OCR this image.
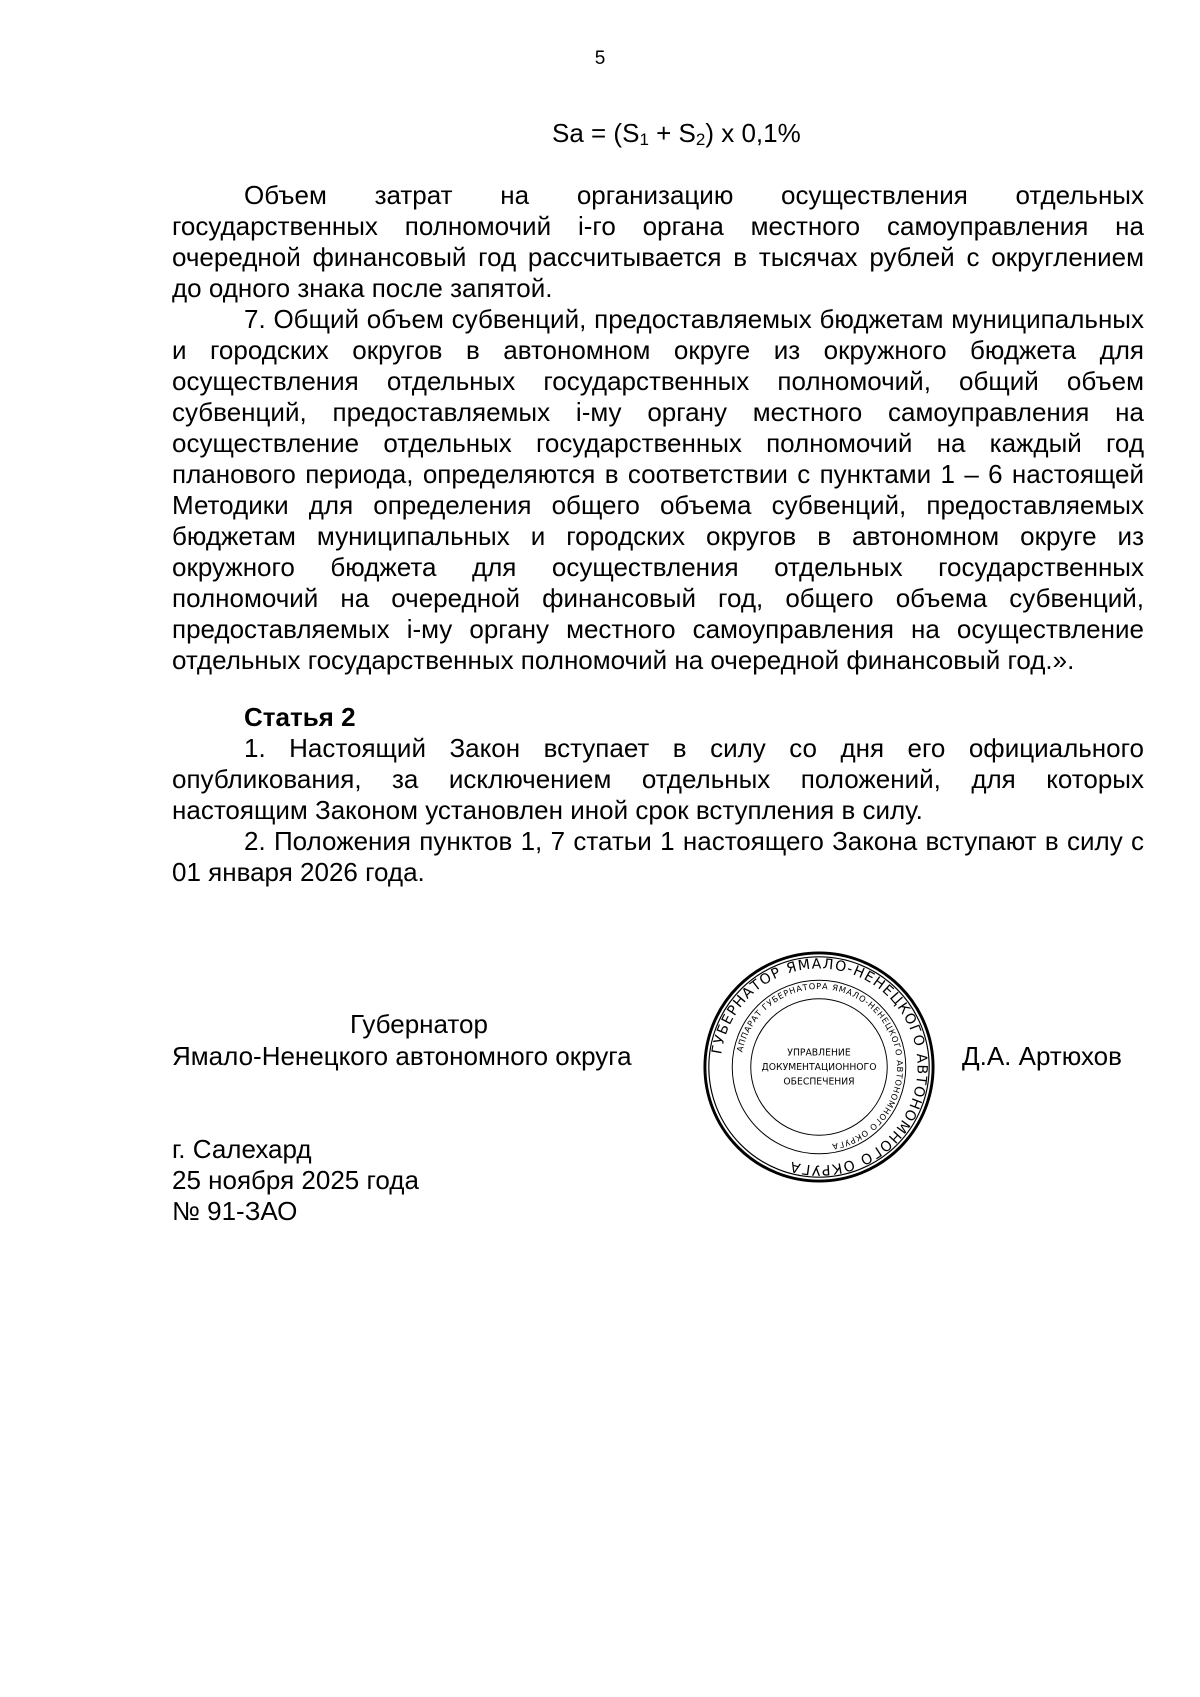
5
$Sa = (S_1 + S_2)$ x 0,1%

Объем затрат на организацию осуществления отдельных государственных полномочий i-го органа местного самоуправления на очередной финансовый год рассчитывается в тысячах рублей с округлением до одного знака после запятой.

7. Общий объем субвенций, предоставляемых бюджетам муниципальных и городских округов в автономном округе из окружного бюджета для осуществления отдельных государственных полномочий, общий объем субвенций, предоставляемых i-му органу местного самоуправления на осуществление отдельных государственных полномочий на каждый год планового периода, определяются в соответствии с пунктами 1 – 6 настоящей Методики для определения общего объема субвенций, предоставляемых бюджетам муниципальных и городских округов в автономном округе из окружного бюджета для осуществления отдельных государственных полномочий на очередной финансовый год, общего объема субвенций, предоставляемых i-му органу местного самоуправления на осуществление отдельных государственных полномочий на очередной финансовый год.».

Статья 2

1. Настоящий Закон вступает в силу со дня его официального опубликования, за исключением отдельных положений, для которых настоящим Законом установлен иной срок вступления в силу.

2. Положения пунктов 1, 7 статьи 1 настоящего Закона вступают в силу с 01 января 2026 года.

Губернатор
Ямало-Ненецкого автономного округа	Д.А. Артюхов
г. Салехард
25 ноября 2025 года
№ 91-ЗАО
ГУБЕРНАТОР ЯМАЛО-НЕНЕЦКОГО АВТОНОМНОГО ОКРУГА
АППАРАТ ГУБЕРНАТОРА ЯМАЛО-НЕНЕЦКОГО АВТОНОМНОГО ОКРУГА
УПРАВЛЕНИЕ
ДОКУМЕНТАЦИОННОГО
ОБЕСПЕЧЕНИЯ
